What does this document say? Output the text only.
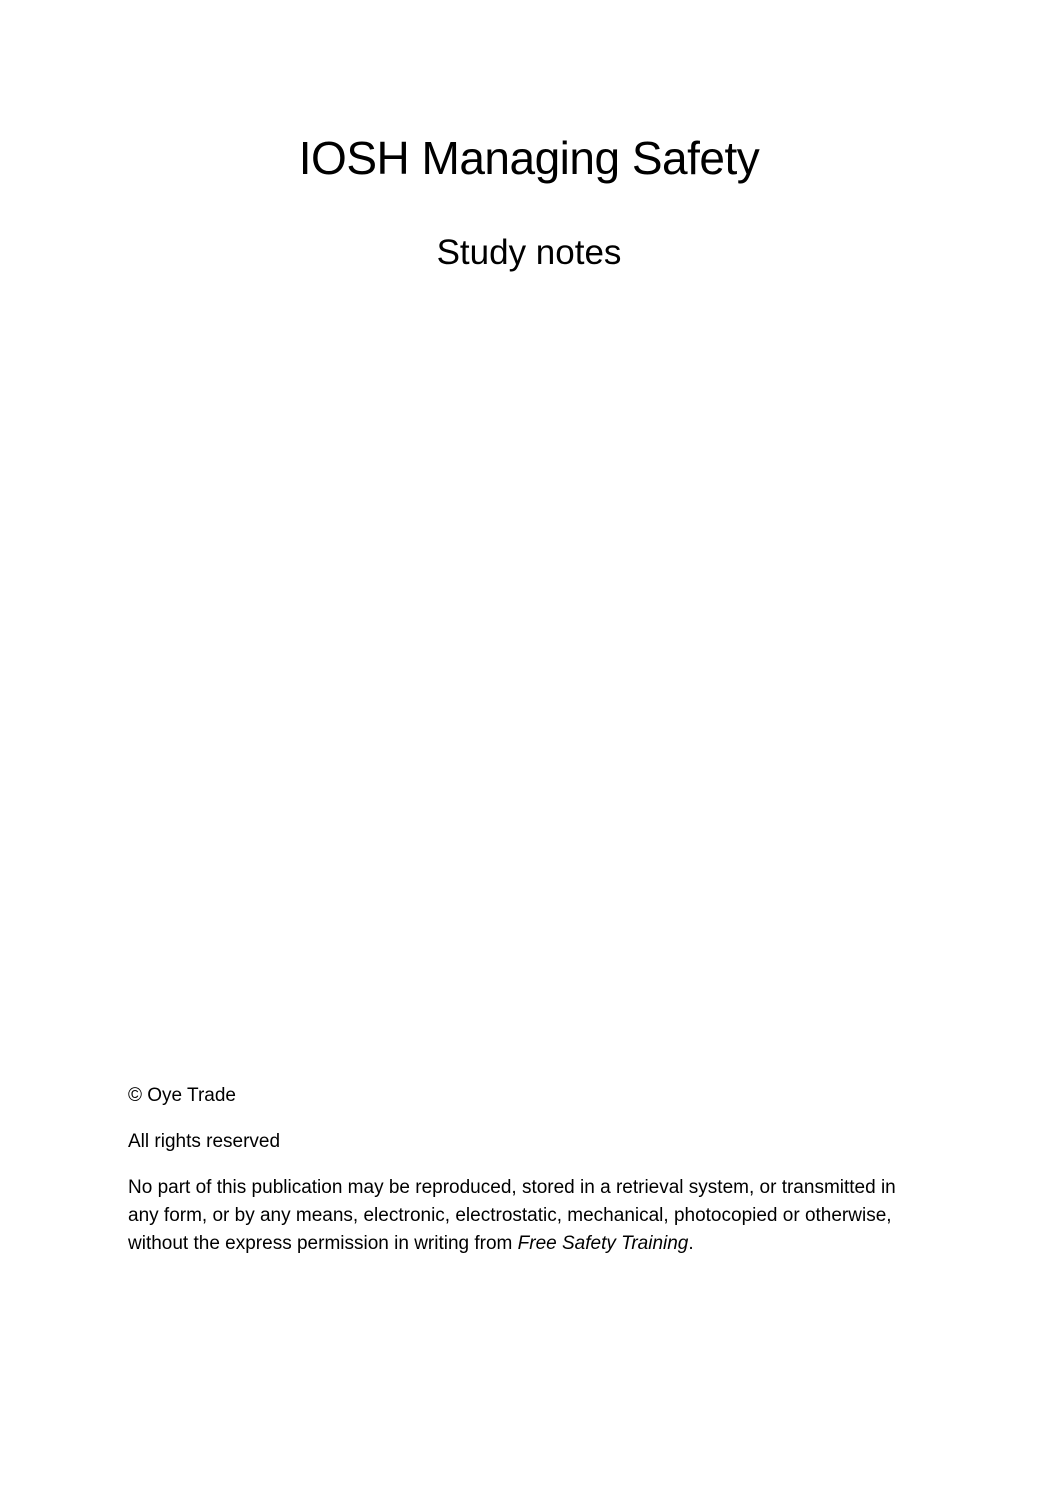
IOSH Managing Safety
Study notes

© Oye Trade

All rights reserved

No part of this publication may be reproduced, stored in a retrieval system, or transmitted in any form, or by any means, electronic, electrostatic, mechanical, photocopied or otherwise, without the express permission in writing from Free Safety Training.
